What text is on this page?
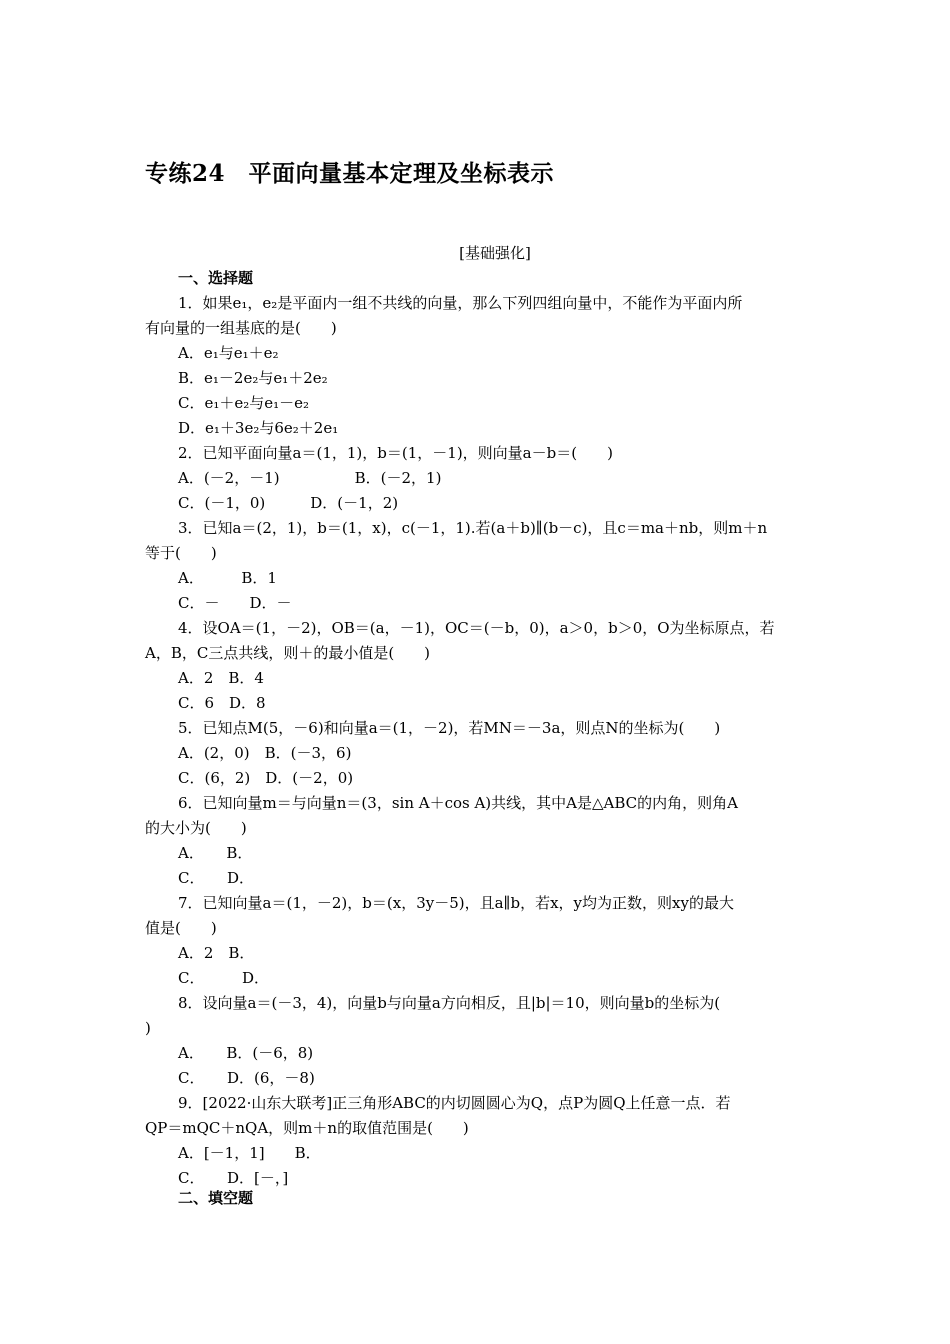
专练24　平面向量基本定理及坐标表示
[基础强化]
一、选择题
1．如果e₁，e₂是平面内一组不共线的向量，那么下列四组向量中，不能作为平面内所
有向量的一组基底的是(　　)
A．e₁与e₁＋e₂
B．e₁－2e₂与e₁＋2e₂
C．e₁＋e₂与e₁－e₂
D．e₁＋3e₂与6e₂＋2e₁
2．已知平面向量a＝(1，1)，b＝(1，－1)，则向量a－b＝(　　)
A．(－2，－1)　　　　　B．(－2，1)
C．(－1，0)　　　D．(－1，2)
3．已知a＝(2，1)，b＝(1，x)，c(－1，1).若(a＋b)∥(b－c)，且c＝ma＋nb，则m＋n
等于(　　)
A．　　　B．1
C．－　　D．－
4．设OA＝(1，－2)，OB＝(a，－1)，OC＝(－b，0)，a＞0，b＞0，O为坐标原点，若
A，B，C三点共线，则＋的最小值是(　　)
A．2　B．4
C．6　D．8
5．已知点M(5，－6)和向量a＝(1，－2)，若MN＝－3a，则点N的坐标为(　　)
A．(2，0)　B．(－3，6)
C．(6，2)　D．(－2，0)
6．已知向量m＝与向量n＝(3，sin A＋cos A)共线，其中A是△ABC的内角，则角A
的大小为(　　)
A．　　B．
C．　　D．
7．已知向量a＝(1，－2)，b＝(x，3y－5)，且a∥b，若x，y均为正数，则xy的最大
值是(　　)
A．2　B．
C．　　　D．
8．设向量a＝(－3，4)，向量b与向量a方向相反，且|b|＝10，则向量b的坐标为(
)
A．　　B．(－6，8)
C．　　D．(6，－8)
9．[2022·山东大联考]正三角形ABC的内切圆圆心为Q，点P为圆Q上任意一点．若
QP＝mQC＋nQA，则m＋n的取值范围是(　　)
A．[－1，1]　　B．
C．　　D．[－，]
二、填空题
